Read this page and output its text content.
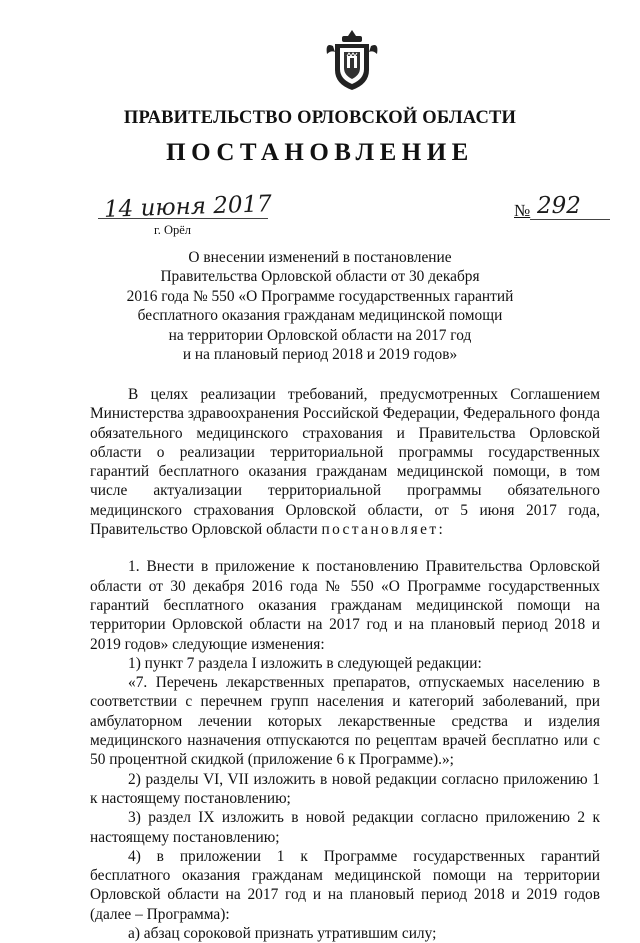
ПРАВИТЕЛЬСТВО ОРЛОВСКОЙ ОБЛАСТИ
ПОСТАНОВЛЕНИЕ
14 июня 2017
г. Орёл
№ 292
О внесении изменений в постановление
Правительства Орловской области от 30 декабря
2016 года № 550 «О Программе государственных гарантий
бесплатного оказания гражданам медицинской помощи
на территории Орловской области на 2017 год
и на плановый период 2018 и 2019 годов»

В целях реализации требований, предусмотренных Соглашением Министерства здравоохранения Российской Федерации, Федерального фонда обязательного медицинского страхования и Правительства Орловской области о реализации территориальной программы государственных гарантий бесплатного оказания гражданам медицинской помощи, в том числе актуализации территориальной программы обязательного медицинского страхования Орловской области, от 5 июня 2017 года, Правительство Орловской области постановляет:

1. Внести в приложение к постановлению Правительства Орловской области от 30 декабря 2016 года № 550 «О Программе государственных гарантий бесплатного оказания гражданам медицинской помощи на территории Орловской области на 2017 год и на плановый период 2018 и 2019 годов» следующие изменения:

1) пункт 7 раздела I изложить в следующей редакции:

«7. Перечень лекарственных препаратов, отпускаемых населению в соответствии с перечнем групп населения и категорий заболеваний, при амбулаторном лечении которых лекарственные средства и изделия медицинского назначения отпускаются по рецептам врачей бесплатно или с 50 процентной скидкой (приложение 6 к Программе).»;

2) разделы VI, VII изложить в новой редакции согласно приложению 1 к настоящему постановлению;

3) раздел IX изложить в новой редакции согласно приложению 2 к настоящему постановлению;

4) в приложении 1 к Программе государственных гарантий бесплатного оказания гражданам медицинской помощи на территории Орловской области на 2017 год и на плановый период 2018 и 2019 годов (далее – Программа):

а) абзац сороковой признать утратившим силу;
